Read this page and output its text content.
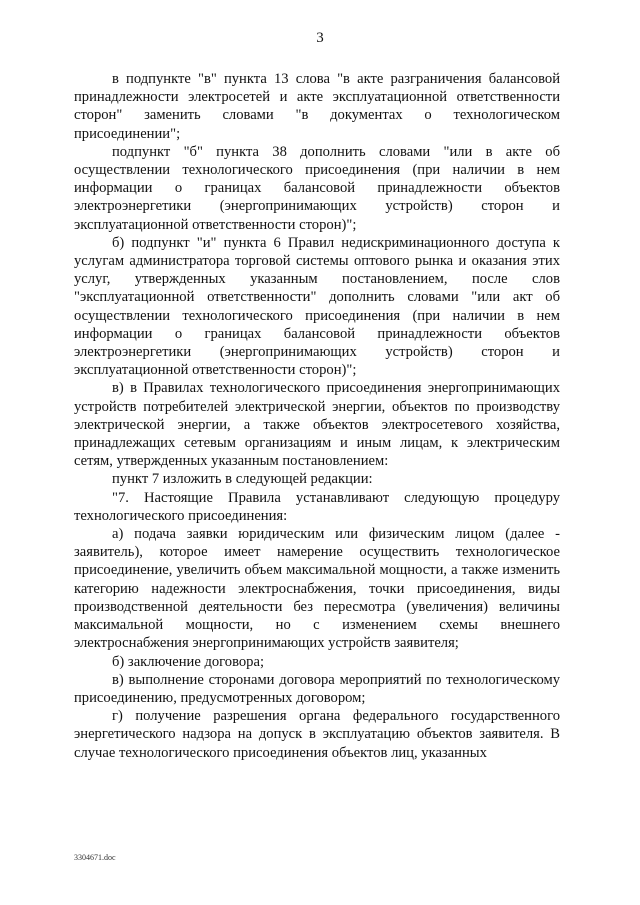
3

в подпункте "в" пункта 13 слова "в акте разграничения балансовой принадлежности электросетей и акте эксплуатационной ответственности сторон" заменить словами "в документах о технологическом присоединении";

подпункт "б" пункта 38 дополнить словами "или в акте об осуществлении технологического присоединения (при наличии в нем информации о границах балансовой принадлежности объектов электроэнергетики (энергопринимающих устройств) сторон и эксплуатационной ответственности сторон)";

б) подпункт "и" пункта 6 Правил недискриминационного доступа к услугам администратора торговой системы оптового рынка и оказания этих услуг, утвержденных указанным постановлением, после слов "эксплуатационной ответственности" дополнить словами "или акт об осуществлении технологического присоединения (при наличии в нем информации о границах балансовой принадлежности объектов электроэнергетики (энергопринимающих устройств) сторон и эксплуатационной ответственности сторон)";

в) в Правилах технологического присоединения энергопринимающих устройств потребителей электрической энергии, объектов по производству электрической энергии, а также объектов электросетевого хозяйства, принадлежащих сетевым организациям и иным лицам, к электрическим сетям, утвержденных указанным постановлением:

пункт 7 изложить в следующей редакции:

"7. Настоящие Правила устанавливают следующую процедуру технологического присоединения:

а) подача заявки юридическим или физическим лицом (далее - заявитель), которое имеет намерение осуществить технологическое присоединение, увеличить объем максимальной мощности, а также изменить категорию надежности электроснабжения, точки присоединения, виды производственной деятельности без пересмотра (увеличения) величины максимальной мощности, но с изменением схемы внешнего электроснабжения энергопринимающих устройств заявителя;

б) заключение договора;

в) выполнение сторонами договора мероприятий по технологическому присоединению, предусмотренных договором;

г) получение разрешения органа федерального государственного энергетического надзора на допуск в эксплуатацию объектов заявителя. В случае технологического присоединения объектов лиц, указанных

3304671.doc
